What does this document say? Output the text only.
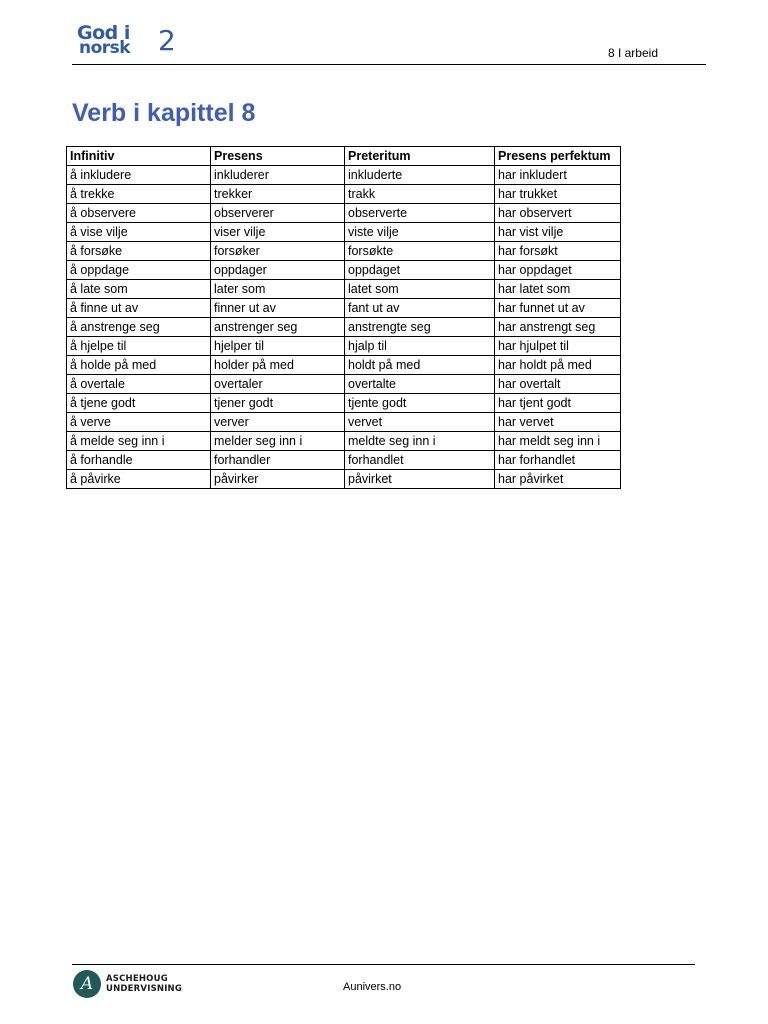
God i
norsk 2	8 I arbeid
Verb i kapittel 8
Infinitiv	Presens	Preteritum	Presens perfektum
å inkludere	inkluderer	inkluderte	har inkludert
å trekke	trekker	trakk	har trukket
å observere	observerer	observerte	har observert
å vise vilje	viser vilje	viste vilje	har vist vilje
å forsøke	forsøker	forsøkte	har forsøkt
å oppdage	oppdager	oppdaget	har oppdaget
å late som	later som	latet som	har latet som
å finne ut av	finner ut av	fant ut av	har funnet ut av
å anstrenge seg	anstrenger seg	anstrengte seg	har anstrengt seg
å hjelpe til	hjelper til	hjalp til	har hjulpet til
å holde på med	holder på med	holdt på med	har holdt på med
å overtale	overtaler	overtalte	har overtalt
å tjene godt	tjener godt	tjente godt	har tjent godt
å verve	verver	vervet	har vervet
å melde seg inn i	melder seg inn i	meldte seg inn i	har meldt seg inn i
å forhandle	forhandler	forhandlet	har forhandlet
å påvirke	påvirker	påvirket	har påvirket
A	ASCHEHOUG
UNDERVISNING	Aunivers.no
